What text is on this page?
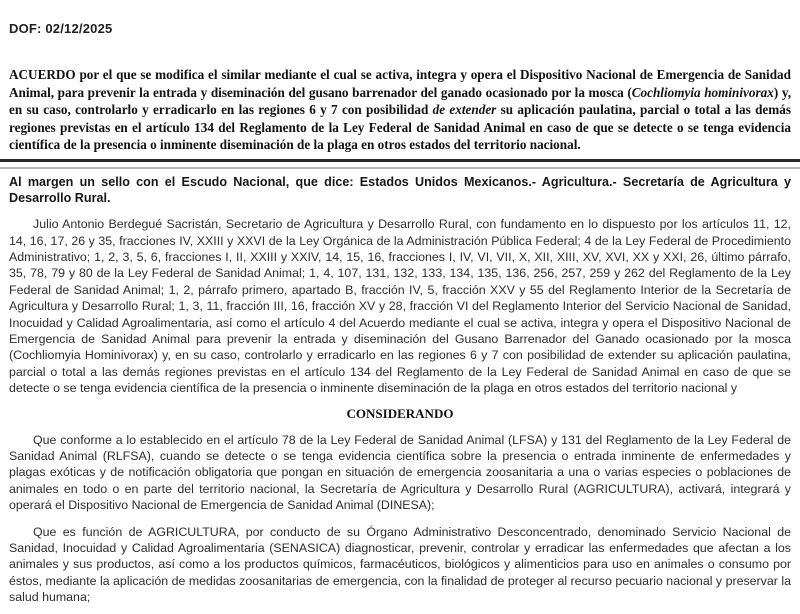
DOF: 02/12/2025

ACUERDO por el que se modifica el similar mediante el cual se activa, integra y opera el Dispositivo Nacional de Emergencia de Sanidad Animal, para prevenir la entrada y diseminación del gusano barrenador del ganado ocasionado por la mosca (Cochliomyia hominivorax) y, en su caso, controlarlo y erradicarlo en las regiones 6 y 7 con posibilidad de extender su aplicación paulatina, parcial o total a las demás regiones previstas en el artículo 134 del Reglamento de la Ley Federal de Sanidad Animal en caso de que se detecte o se tenga evidencia científica de la presencia o inminente diseminación de la plaga en otros estados del territorio nacional.

Al margen un sello con el Escudo Nacional, que dice: Estados Unidos Mexicanos.- Agricultura.- Secretaría de Agricultura y Desarrollo Rural.

Julio Antonio Berdegué Sacristán, Secretario de Agricultura y Desarrollo Rural, con fundamento en lo dispuesto por los artículos 11, 12, 14, 16, 17, 26 y 35, fracciones IV, XXIII y XXVI de la Ley Orgánica de la Administración Pública Federal; 4 de la Ley Federal de Procedimiento Administrativo; 1, 2, 3, 5, 6, fracciones I, II, XXIII y XXIV, 14, 15, 16, fracciones I, IV, VI, VII, X, XII, XIII, XV, XVI, XX y XXI, 26, último párrafo, 35, 78, 79 y 80 de la Ley Federal de Sanidad Animal; 1, 4, 107, 131, 132, 133, 134, 135, 136, 256, 257, 259 y 262 del Reglamento de la Ley Federal de Sanidad Animal; 1, 2, párrafo primero, apartado B, fracción IV, 5, fracción XXV y 55 del Reglamento Interior de la Secretaría de Agricultura y Desarrollo Rural; 1, 3, 11, fracción III, 16, fracción XV y 28, fracción VI del Reglamento Interior del Servicio Nacional de Sanidad, Inocuidad y Calidad Agroalimentaria, así como el artículo 4 del Acuerdo mediante el cual se activa, integra y opera el Dispositivo Nacional de Emergencia de Sanidad Animal para prevenir la entrada y diseminación del Gusano Barrenador del Ganado ocasionado por la mosca (Cochliomyia Hominivorax) y, en su caso, controlarlo y erradicarlo en las regiones 6 y 7 con posibilidad de extender su aplicación paulatina, parcial o total a las demás regiones previstas en el artículo 134 del Reglamento de la Ley Federal de Sanidad Animal en caso de que se detecte o se tenga evidencia científica de la presencia o inminente diseminación de la plaga en otros estados del territorio nacional y

CONSIDERANDO

Que conforme a lo establecido en el artículo 78 de la Ley Federal de Sanidad Animal (LFSA) y 131 del Reglamento de la Ley Federal de Sanidad Animal (RLFSA), cuando se detecte o se tenga evidencia científica sobre la presencia o entrada inminente de enfermedades y plagas exóticas y de notificación obligatoria que pongan en situación de emergencia zoosanitaria a una o varias especies o poblaciones de animales en todo o en parte del territorio nacional, la Secretaría de Agricultura y Desarrollo Rural (AGRICULTURA), activará, integrará y operará el Dispositivo Nacional de Emergencia de Sanidad Animal (DINESA);

Que es función de AGRICULTURA, por conducto de su Órgano Administrativo Desconcentrado, denominado Servicio Nacional de Sanidad, Inocuidad y Calidad Agroalimentaria (SENASICA) diagnosticar, prevenir, controlar y erradicar las enfermedades que afectan a los animales y sus productos, así como a los productos químicos, farmacéuticos, biológicos y alimenticios para uso en animales o consumo por éstos, mediante la aplicación de medidas zoosanitarias de emergencia, con la finalidad de proteger al recurso pecuario nacional y preservar la salud humana;
